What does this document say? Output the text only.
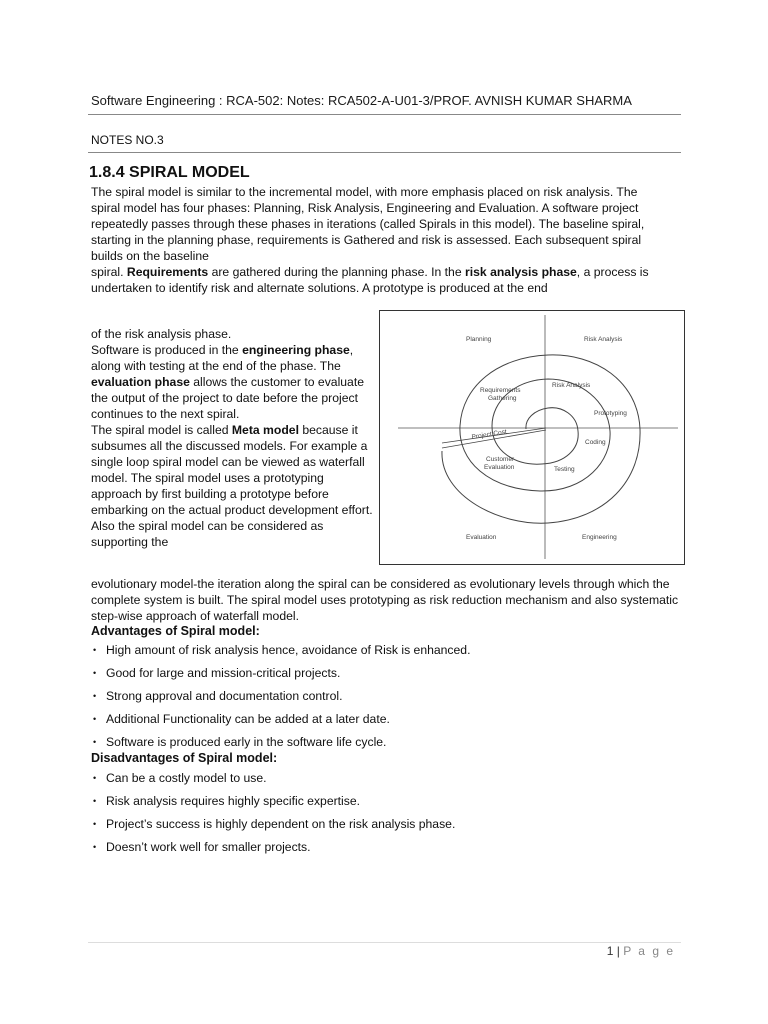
Software Engineering : RCA-502: Notes: RCA502-A-U01-3/PROF. AVNISH KUMAR SHARMA
NOTES NO.3
1.8.4 SPIRAL MODEL
The spiral model is similar to the incremental model, with more emphasis placed on risk analysis. The spiral model has four phases: Planning, Risk Analysis, Engineering and Evaluation. A software project repeatedly passes through these phases in iterations (called Spirals in this model). The baseline spiral, starting in the planning phase, requirements is Gathered and risk is assessed. Each subsequent spiral builds on the baseline
spiral. Requirements are gathered during the planning phase. In the risk analysis phase, a process is undertaken to identify risk and alternate solutions. A prototype is produced at the end
of the risk analysis phase.
Software is produced in the engineering phase, along with testing at the end of the phase. The evaluation phase allows the customer to evaluate the output of the project to date before the project continues to the next spiral.
The spiral model is called Meta model because it subsumes all the discussed models. For example a single loop spiral model can be viewed as waterfall model. The spiral model uses a prototyping approach by first building a prototype before embarking on the actual product development effort. Also the spiral model can be considered as supporting the
Project Cost
Planning	Risk Analysis
Evaluation	Engineering
Requirements
Gathering
Risk Analysis
Prototyping
Coding
Testing
Customer
Evaluation
evolutionary model-the iteration along the spiral can be considered as evolutionary levels through which the complete system is built. The spiral model uses prototyping as risk reduction mechanism and also systematic step-wise approach of waterfall model.
Advantages of Spiral model:
• High amount of risk analysis hence, avoidance of Risk is enhanced.
• Good for large and mission-critical projects.
• Strong approval and documentation control.
• Additional Functionality can be added at a later date.
• Software is produced early in the software life cycle.
Disadvantages of Spiral model:
• Can be a costly model to use.
• Risk analysis requires highly specific expertise.
• Project’s success is highly dependent on the risk analysis phase.
• Doesn’t work well for smaller projects.
1 | P a g e
